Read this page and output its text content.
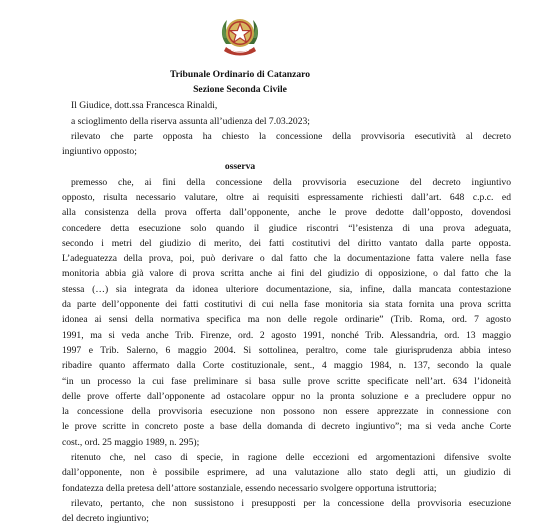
Tribunale Ordinario di Catanzaro
Sezione Seconda Civile
Il Giudice, dott.ssa Francesca Rinaldi,
a scioglimento della riserva assunta all’udienza del 7.03.2023;
rilevato che parte opposta ha chiesto la concessione della provvisoria esecutività al decreto
ingiuntivo opposto;
osserva
premesso che, ai fini della concessione della provvisoria esecuzione del decreto ingiuntivo
opposto, risulta necessario valutare, oltre ai requisiti espressamente richiesti dall’art. 648 c.p.c. ed
alla consistenza della prova offerta dall’opponente, anche le prove dedotte dall’opposto, dovendosi
concedere detta esecuzione solo quando il giudice riscontri “l’esistenza di una prova adeguata,
secondo i metri del giudizio di merito, dei fatti costitutivi del diritto vantato dalla parte opposta.
L’adeguatezza della prova, poi, può derivare o dal fatto che la documentazione fatta valere nella fase
monitoria abbia già valore di prova scritta anche ai fini del giudizio di opposizione, o dal fatto che la
stessa (…) sia integrata da idonea ulteriore documentazione, sia, infine, dalla mancata contestazione
da parte dell’opponente dei fatti costitutivi di cui nella fase monitoria sia stata fornita una prova scritta
idonea ai sensi della normativa specifica ma non delle regole ordinarie” (Trib. Roma, ord. 7 agosto
1991, ma si veda anche Trib. Firenze, ord. 2 agosto 1991, nonché Trib. Alessandria, ord. 13 maggio
1997 e Trib. Salerno, 6 maggio 2004. Si sottolinea, peraltro, come tale giurisprudenza abbia inteso
ribadire quanto affermato dalla Corte costituzionale, sent., 4 maggio 1984, n. 137, secondo la quale
“in un processo la cui fase preliminare si basa sulle prove scritte specificate nell’art. 634 l’idoneità
delle prove offerte dall’opponente ad ostacolare oppur no la pronta soluzione e a precludere oppur no
la concessione della provvisoria esecuzione non possono non essere apprezzate in connessione con
le prove scritte in concreto poste a base della domanda di decreto ingiuntivo”; ma si veda anche Corte
cost., ord. 25 maggio 1989, n. 295);
ritenuto che, nel caso di specie, in ragione delle eccezioni ed argomentazioni difensive svolte
dall’opponente, non è possibile esprimere, ad una valutazione allo stato degli atti, un giudizio di
fondatezza della pretesa dell’attore sostanziale, essendo necessario svolgere opportuna istruttoria;
rilevato, pertanto, che non sussistono i presupposti per la concessione della provvisoria esecuzione
del decreto ingiuntivo;
